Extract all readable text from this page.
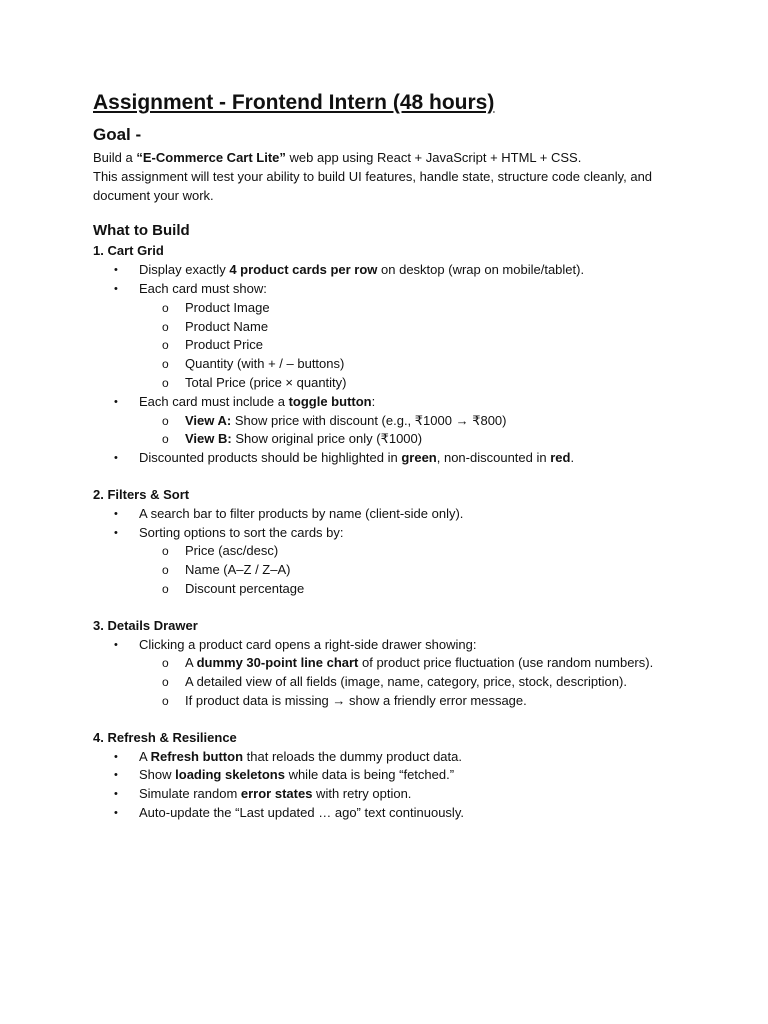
Assignment - Frontend Intern (48 hours)
Goal -

Build a “E-Commerce Cart Lite” web app using React + JavaScript + HTML + CSS.

This assignment will test your ability to build UI features, handle state, structure code cleanly, and document your work.

What to Build

1. Cart Grid

• Display exactly 4 product cards per row on desktop (wrap on mobile/tablet).
• Each card must show:
o Product Image
o Product Name
o Product Price
o Quantity (with + / – buttons)
o Total Price (price × quantity)
• Each card must include a toggle button:
o View A: Show price with discount (e.g., ₹1000 → ₹800)
o View B: Show original price only (₹1000)
• Discounted products should be highlighted in green, non-discounted in red.

2. Filters & Sort

• A search bar to filter products by name (client-side only).
• Sorting options to sort the cards by:
o Price (asc/desc)
o Name (A–Z / Z–A)
o Discount percentage

3. Details Drawer

• Clicking a product card opens a right-side drawer showing:
o A dummy 30-point line chart of product price fluctuation (use random numbers).
o A detailed view of all fields (image, name, category, price, stock, description).
o If product data is missing → show a friendly error message.

4. Refresh & Resilience

• A Refresh button that reloads the dummy product data.
• Show loading skeletons while data is being “fetched.”
• Simulate random error states with retry option.
• Auto-update the “Last updated … ago” text continuously.
